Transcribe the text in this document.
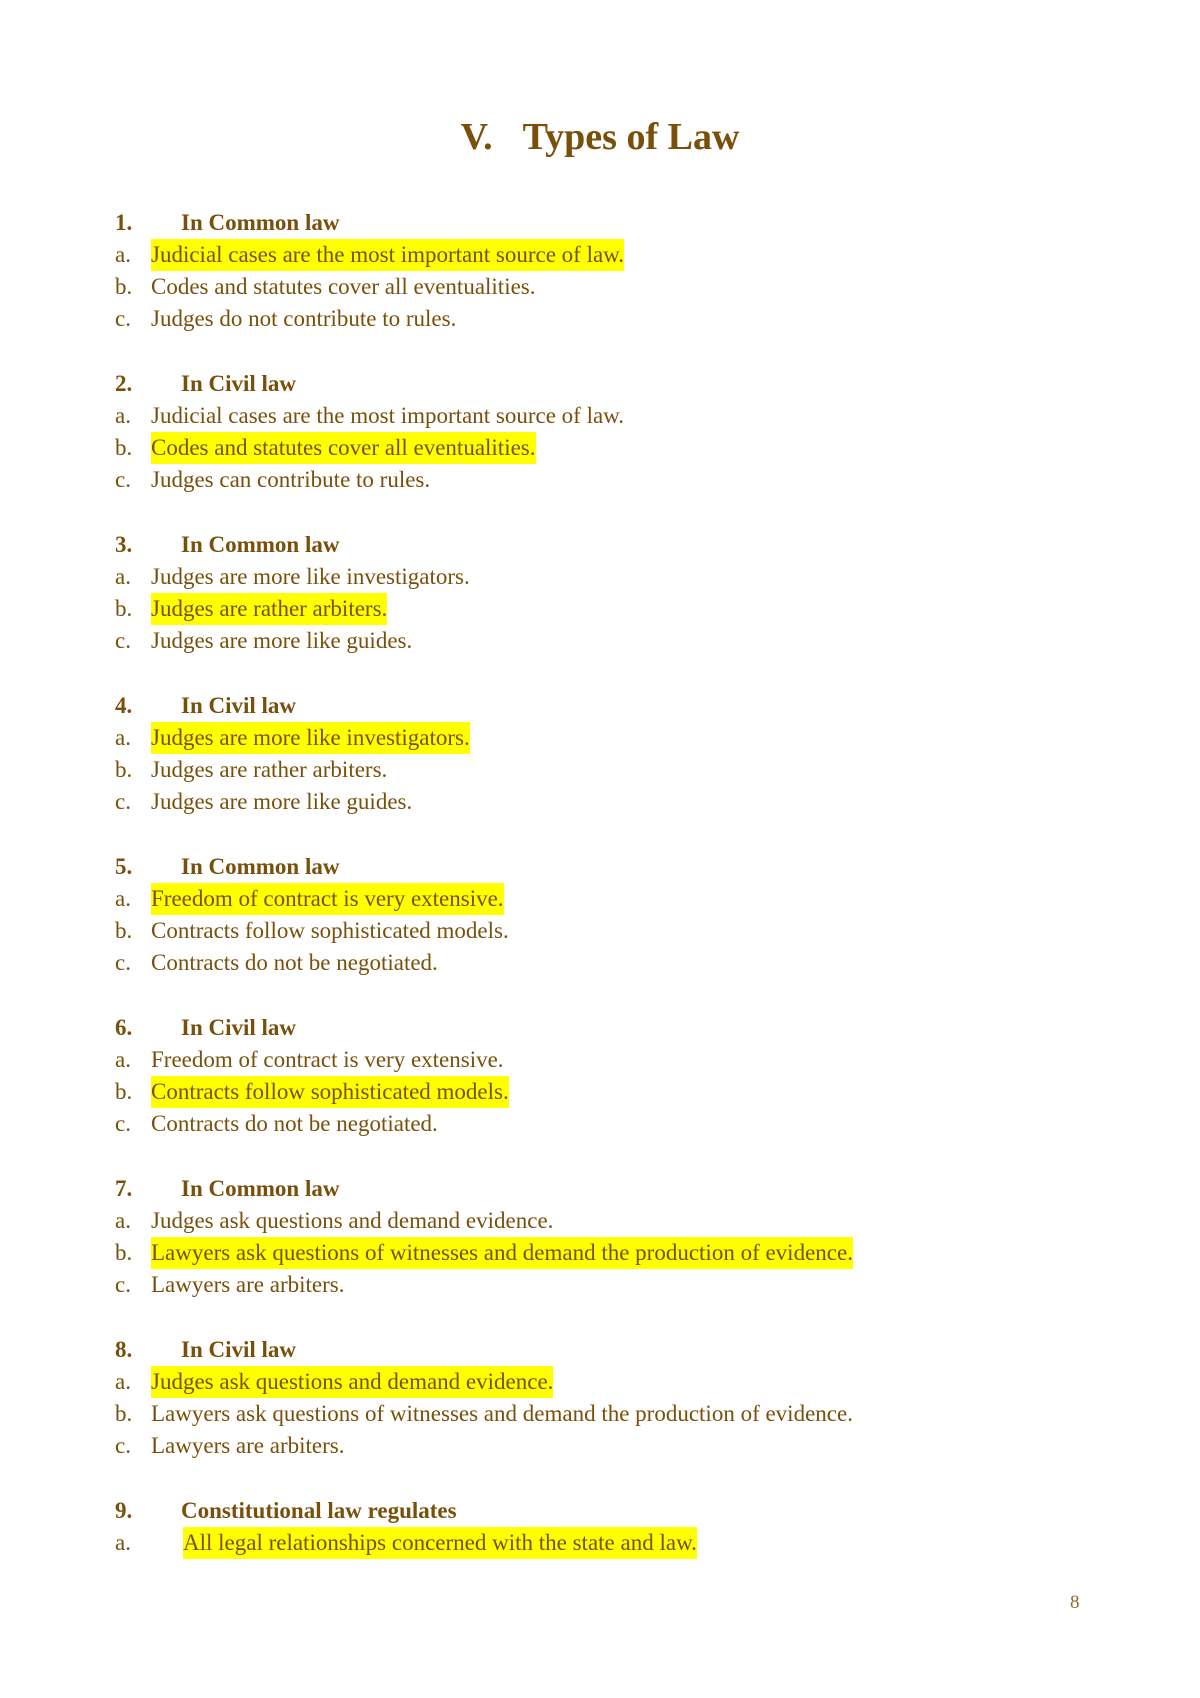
V. Types of Law
1.	In Common law
a. Judicial cases are the most important source of law.
b. Codes and statutes cover all eventualities.
c. Judges do not contribute to rules.
2.	In Civil law
a. Judicial cases are the most important source of law.
b. Codes and statutes cover all eventualities.
c. Judges can contribute to rules.
3.	In Common law
a. Judges are more like investigators.
b. Judges are rather arbiters.
c. Judges are more like guides.
4.	In Civil law
a. Judges are more like investigators.
b. Judges are rather arbiters.
c. Judges are more like guides.
5.	In Common law
a. Freedom of contract is very extensive.
b. Contracts follow sophisticated models.
c. Contracts do not be negotiated.
6.	In Civil law
a. Freedom of contract is very extensive.
b. Contracts follow sophisticated models.
c. Contracts do not be negotiated.
7.	In Common law
a. Judges ask questions and demand evidence.
b. Lawyers ask questions of witnesses and demand the production of evidence.
c. Lawyers are arbiters.
8.	In Civil law
a. Judges ask questions and demand evidence.
b. Lawyers ask questions of witnesses and demand the production of evidence.
c. Lawyers are arbiters.
9.	Constitutional law regulates
a.	All legal relationships concerned with the state and law.
8
